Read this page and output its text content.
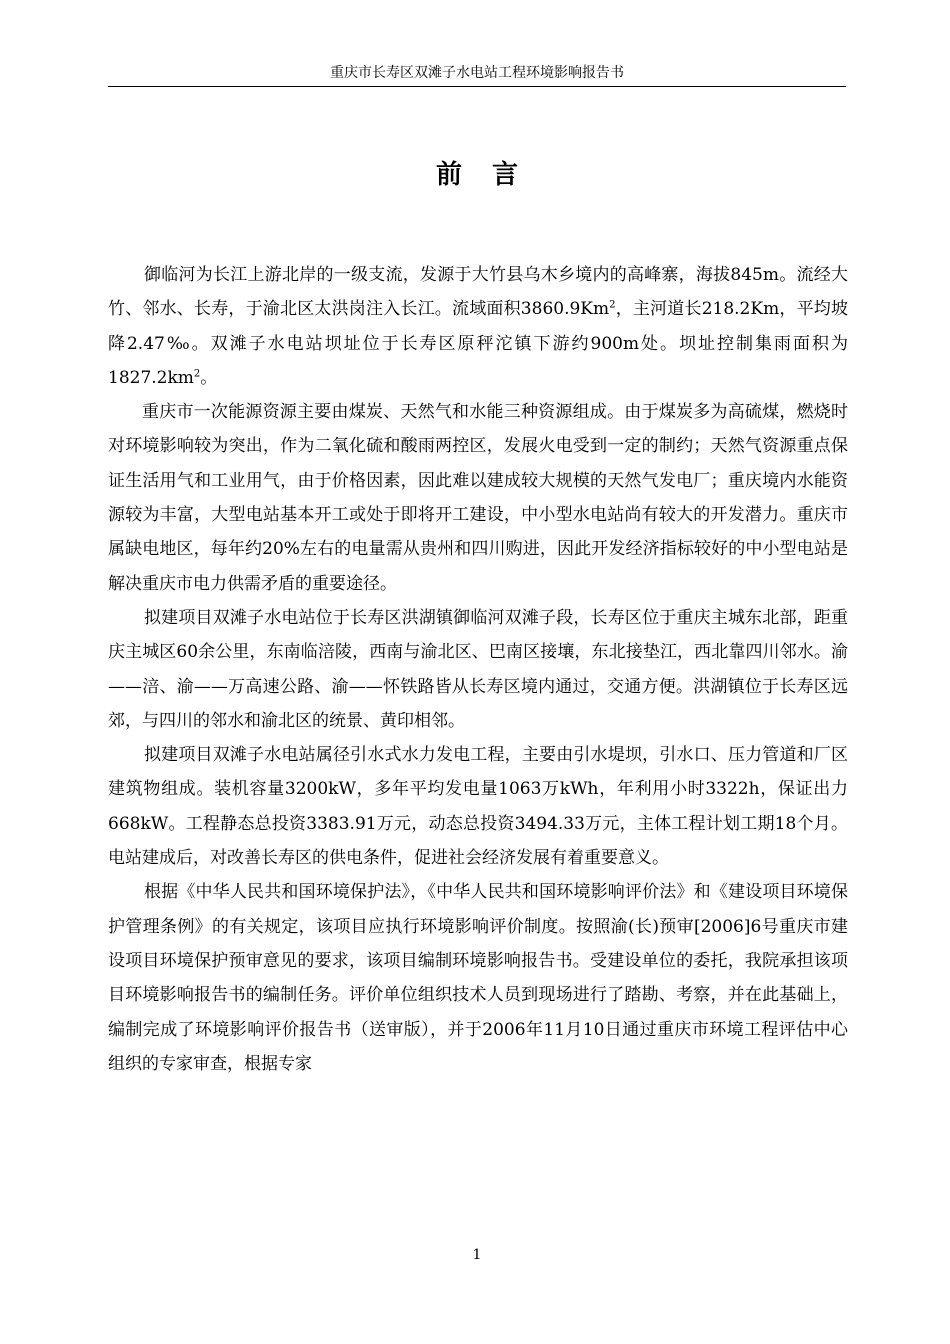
重庆市长寿区双滩子水电站工程环境影响报告书
前言

御临河为长江上游北岸的一级支流，发源于大竹县乌木乡境内的高峰寨，海拔845m。流经大竹、邻水、长寿，于渝北区太洪岗注入长江。流域面积3860.9Km$^2$，主河道长218.2Km，平均坡降2.47‰。双滩子水电站坝址位于长寿区原秤沱镇下游约900m处。坝址控制集雨面积为$1827.2km^2$。

重庆市一次能源资源主要由煤炭、天然气和水能三种资源组成。由于煤炭多为高硫煤，燃烧时对环境影响较为突出，作为二氧化硫和酸雨两控区，发展火电受到一定的制约；天然气资源重点保证生活用气和工业用气，由于价格因素，因此难以建成较大规模的天然气发电厂；重庆境内水能资源较为丰富，大型电站基本开工或处于即将开工建设，中小型水电站尚有较大的开发潜力。重庆市属缺电地区，每年约20%左右的电量需从贵州和四川购进，因此开发经济指标较好的中小型电站是解决重庆市电力供需矛盾的重要途径。

拟建项目双滩子水电站位于长寿区洪湖镇御临河双滩子段，长寿区位于重庆主城东北部，距重庆主城区60余公里，东南临涪陵，西南与渝北区、巴南区接壤，东北接垫江，西北靠四川邻水。渝——涪、渝——万高速公路、渝——怀铁路皆从长寿区境内通过，交通方便。洪湖镇位于长寿区远郊，与四川的邻水和渝北区的统景、黄印相邻。

拟建项目双滩子水电站属径引水式水力发电工程，主要由引水堤坝，引水口、压力管道和厂区建筑物组成。装机容量3200kW，多年平均发电量1063万kWh，年利用小时3322h，保证出力668kW。工程静态总投资3383.91万元，动态总投资3494.33万元，主体工程计划工期18个月。电站建成后，对改善长寿区的供电条件，促进社会经济发展有着重要意义。

根据《中华人民共和国环境保护法》，《中华人民共和国环境影响评价法》和《建设项目环境保护管理条例》的有关规定，该项目应执行环境影响评价制度。按照渝(长)预审[2006]6号重庆市建设项目环境保护预审意见的要求，该项目编制环境影响报告书。受建设单位的委托，我院承担该项目环境影响报告书的编制任务。评价单位组织技术人员到现场进行了踏勘、考察，并在此基础上，编制完成了环境影响评价报告书（送审版），并于2006年11月10日通过重庆市环境工程评估中心组织的专家审查，根据专家

1
